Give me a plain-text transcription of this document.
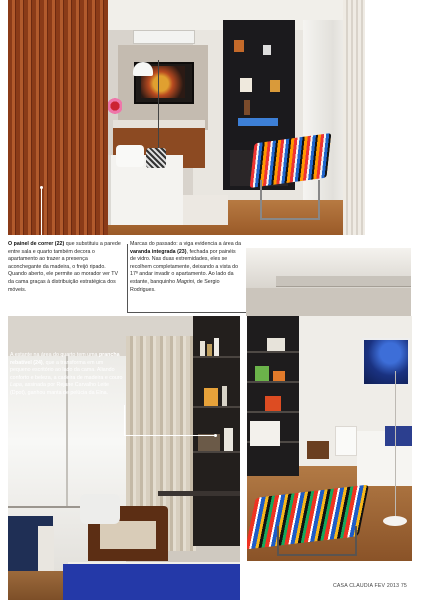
O painel de correr (22) que substituiu a parede entre sala e quarto também decora o apartamento ao trazer a presença aconchegante da madeira, o freijó ripado. Quando aberto, ele permite ao morador ver TV da cama graças à distribuição estratégica dos móveis.
Marcas do passado: a viga evidencia a área da varanda integrada (23), fechada por painéis de vidro. Nas duas extremidades, eles se recolhem completamente, deixando a vista do 17º andar invadir o apartamento. Ao lado da estante, banquinho Magrini, de Sergio Rodrigues.
A estante na área do quarto tem uma prancha rebatível (24), que a transforma em um pequeno escritório ao lado da cama. Aliando conforto e beleza, a cadeira de madeira e couro Lapa, assinada por Rejane Carvalho Leite (Dpot), ganhou manta de pelúcia da Elna.
CASA CLAUDIA FEV 2013 75
